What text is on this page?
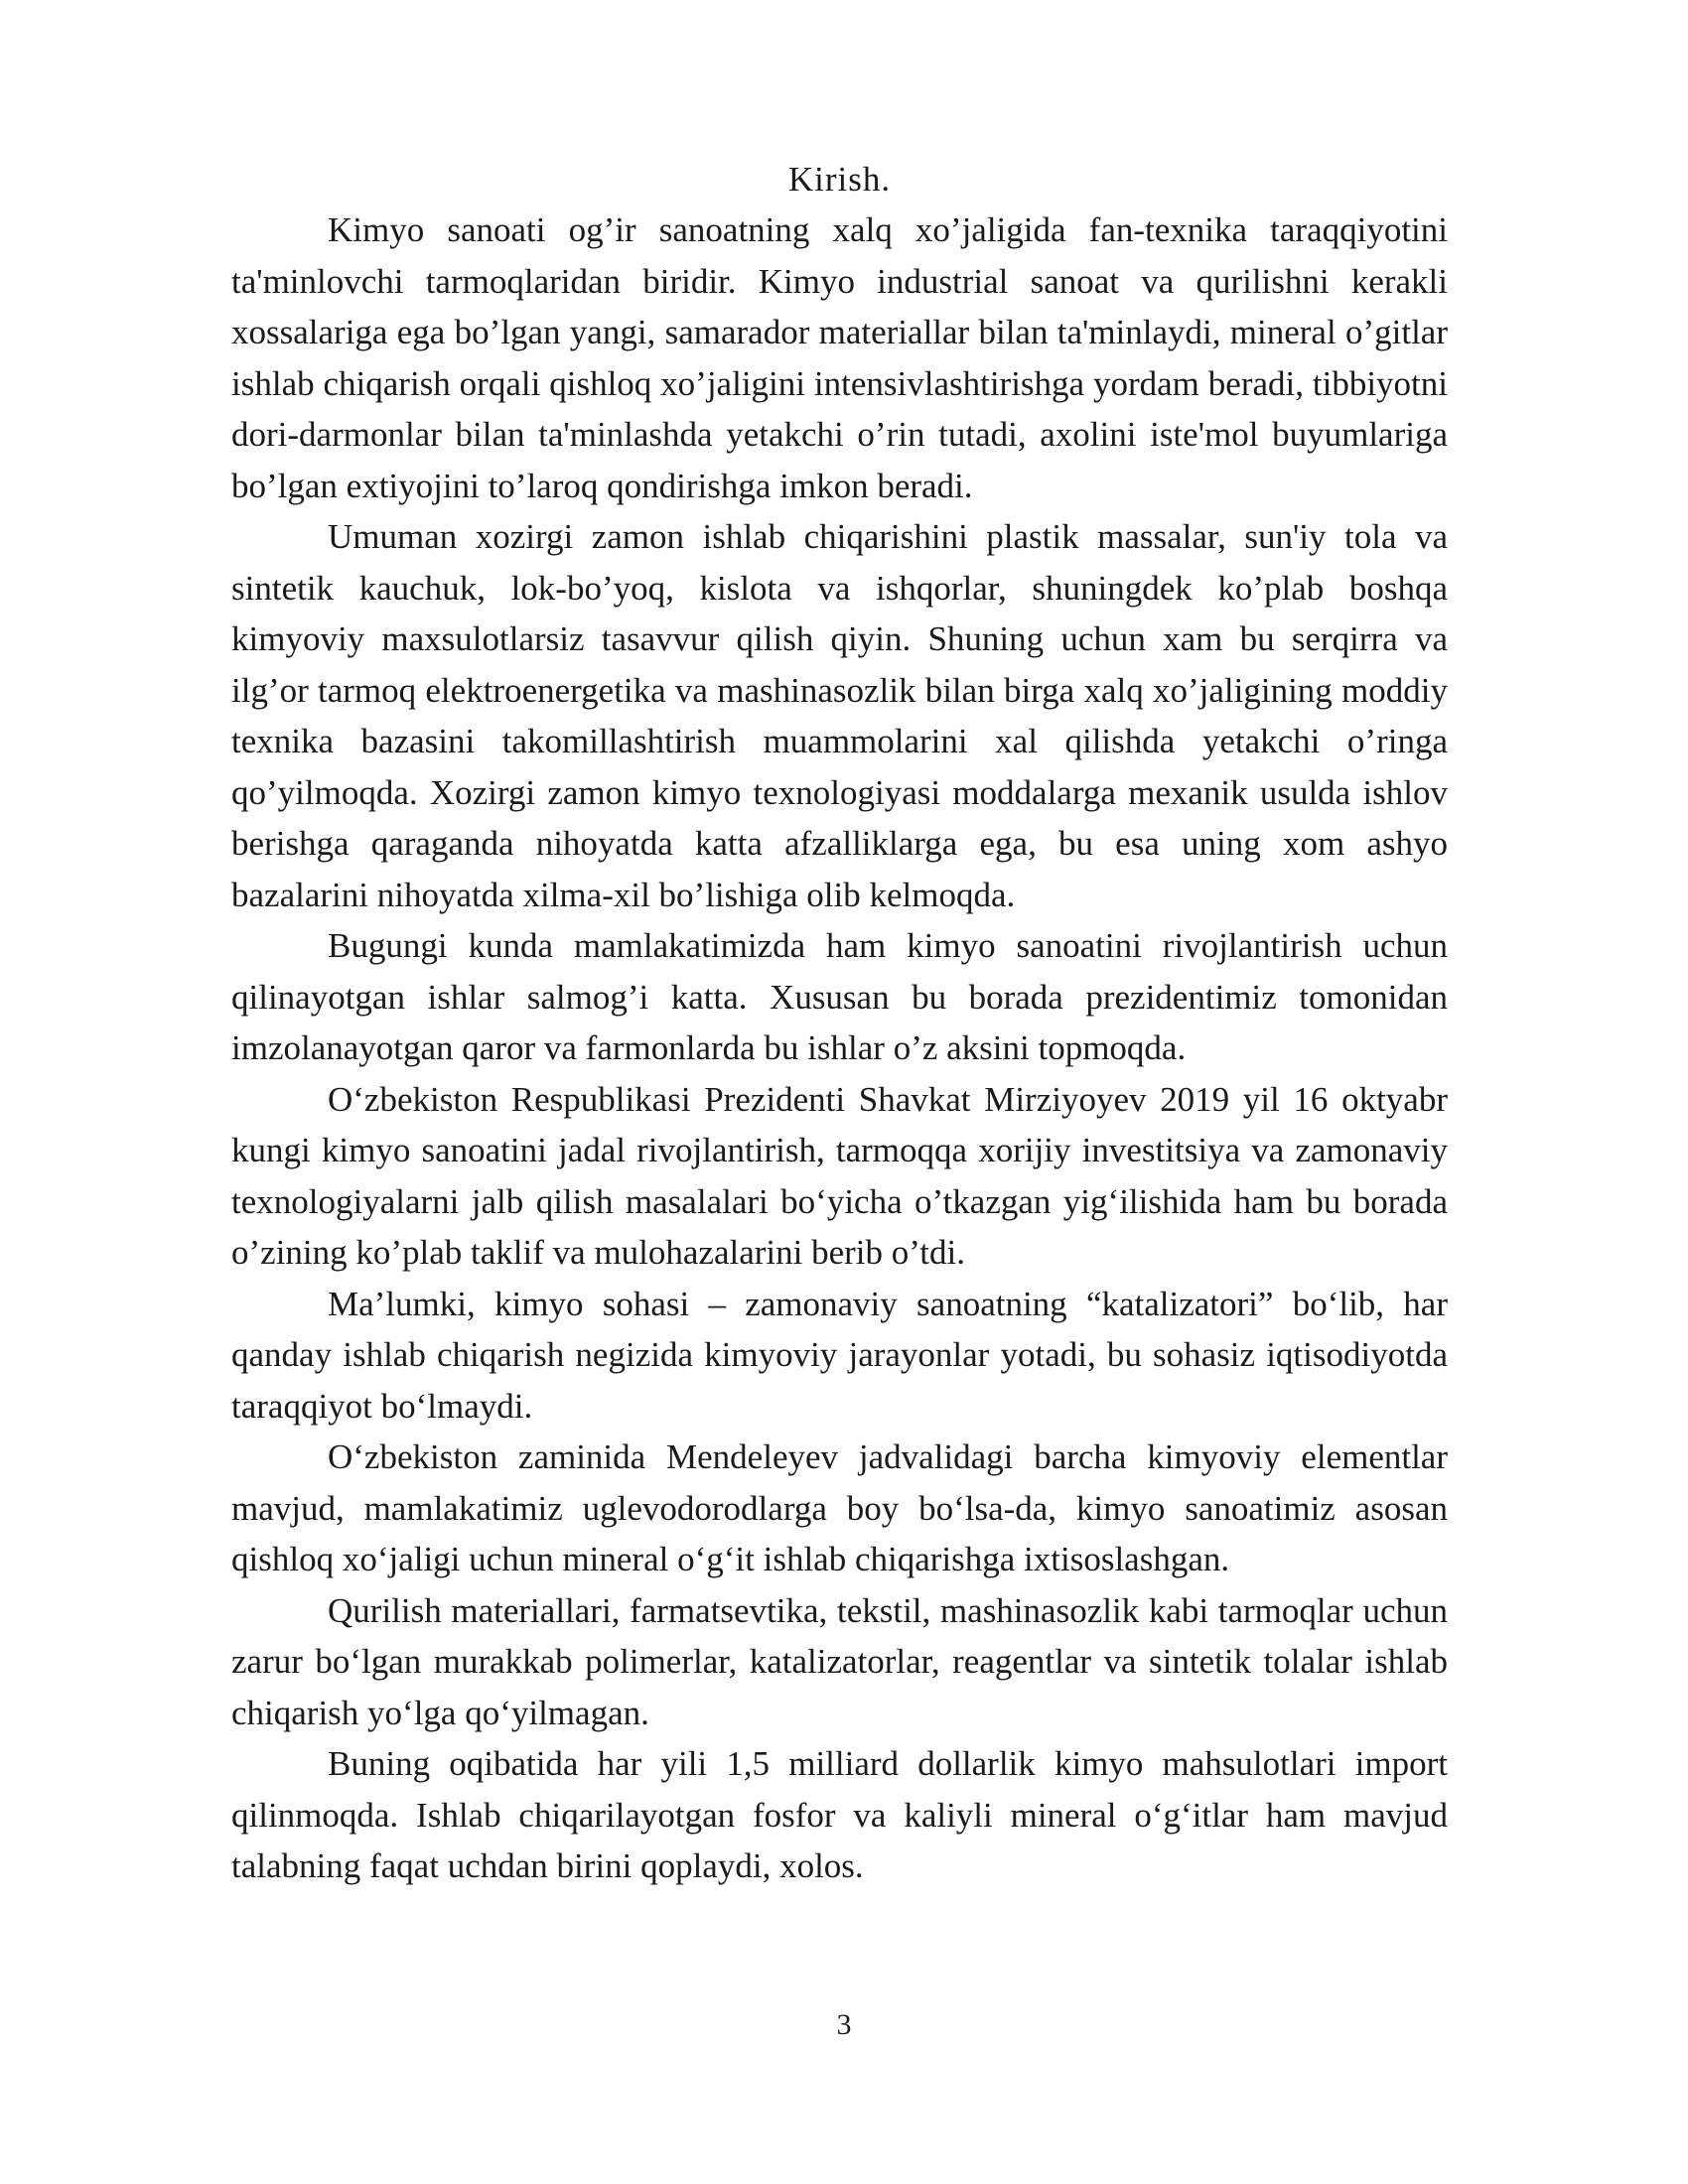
Kirish.

Kimyo sanoati og’ir sanoatning xalq xo’jaligida fan-texnika taraqqiyotini ta'minlovchi tarmoqlaridan biridir. Kimyo industrial sanoat va qurilishni kerakli xossalariga ega bo’lgan yangi, samarador materiallar bilan ta'minlaydi, mineral o’gitlar ishlab chiqarish orqali qishloq xo’jaligini intensivlashtirishga yordam beradi, tibbiyotni dori-darmonlar bilan ta'minlashda yetakchi o’rin tutadi, axolini iste'mol buyumlariga bo’lgan extiyojini to’laroq qondirishga imkon beradi.

Umuman xozirgi zamon ishlab chiqarishini plastik massalar, sun'iy tola va sintetik kauchuk, lok-bo’yoq, kislota va ishqorlar, shuningdek ko’plab boshqa kimyoviy maxsulotlarsiz tasavvur qilish qiyin. Shuning uchun xam bu serqirra va ilg’or tarmoq elektroenergetika va mashinasozlik bilan birga xalq xo’jaligining moddiy texnika bazasini takomillashtirish muammolarini xal qilishda yetakchi o’ringa qo’yilmoqda. Xozirgi zamon kimyo texnologiyasi moddalarga mexanik usulda ishlov berishga qaraganda nihoyatda katta afzalliklarga ega, bu esa uning xom ashyo bazalarini nihoyatda xilma-xil bo’lishiga olib kelmoqda.

Bugungi kunda mamlakatimizda ham kimyo sanoatini rivojlantirish uchun qilinayotgan ishlar salmog’i katta. Xususan bu borada prezidentimiz tomonidan imzolanayotgan qaror va farmonlarda bu ishlar o’z aksini topmoqda.

O‘zbekiston Respublikasi Prezidenti Shavkat Mirziyoyev 2019 yil 16 oktyabr kungi kimyo sanoatini jadal rivojlantirish, tarmoqqa xorijiy investitsiya va zamonaviy texnologiyalarni jalb qilish masalalari bo‘yicha o’tkazgan yig‘ilishida ham bu borada o’zining ko’plab taklif va mulohazalarini berib o’tdi.

Ma’lumki, kimyo sohasi – zamonaviy sanoatning “katalizatori” bo‘lib, har qanday ishlab chiqarish negizida kimyoviy jarayonlar yotadi, bu sohasiz iqtisodiyotda taraqqiyot bo‘lmaydi.

O‘zbekiston zaminida Mendeleyev jadvalidagi barcha kimyoviy elementlar mavjud, mamlakatimiz uglevodorodlarga boy bo‘lsa-da, kimyo sanoatimiz asosan qishloq xo‘jaligi uchun mineral o‘g‘it ishlab chiqarishga ixtisoslashgan.

Qurilish materiallari, farmatsevtika, tekstil, mashinasozlik kabi tarmoqlar uchun zarur bo‘lgan murakkab polimerlar, katalizatorlar, reagentlar va sintetik tolalar ishlab chiqarish yo‘lga qo‘yilmagan.

Buning oqibatida har yili 1,5 milliard dollarlik kimyo mahsulotlari import qilinmoqda. Ishlab chiqarilayotgan fosfor va kaliyli mineral o‘g‘itlar ham mavjud talabning faqat uchdan birini qoplaydi, xolos.

3
